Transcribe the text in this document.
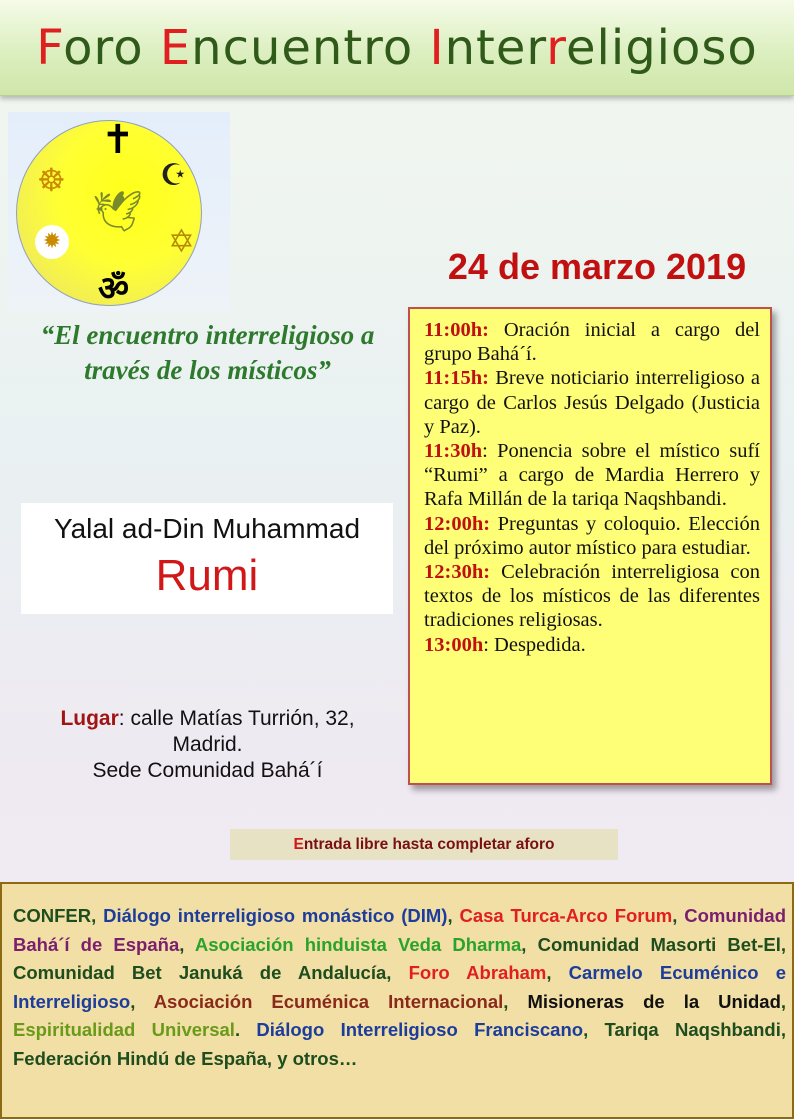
Foro Encuentro Interreligioso
✝
☸	☪
🕊
✡
✹
ॐ
“El encuentro interreligioso a través de los místicos”
Yalal ad-Din Muhammad
Rumi
Lugar: calle Matías Turrión, 32,
Madrid.
Sede Comunidad Bahá´í
24 de marzo 2019
11:00h: Oración inicial a cargo del grupo Bahá´í.
11:15h: Breve noticiario interreligioso a cargo de Carlos Jesús Delgado (Justicia y Paz).
11:30h: Ponencia sobre el místico sufí “Rumi” a cargo de Mardia Herrero y Rafa Millán de la tariqa Naqshbandi.
12:00h: Preguntas y coloquio. Elección del próximo autor místico para estudiar.
12:30h: Celebración interreligiosa con textos de los místicos de las diferentes tradiciones religiosas.
13:00h: Despedida.
Entrada libre hasta completar aforo
CONFER, Diálogo interreligioso monástico (DIM), Casa Turca-Arco Forum, Comunidad Bahá´í de España, Asociación hinduista Veda Dharma, Comunidad Masorti Bet-El, Comunidad Bet Januká de Andalucía, Foro Abraham, Carmelo Ecuménico e Interreligioso, Asociación Ecuménica Internacional, Misioneras de la Unidad, Espiritualidad Universal. Diálogo Interreligioso Franciscano, Tariqa Naqshbandi, Federación Hindú de España, y otros…
